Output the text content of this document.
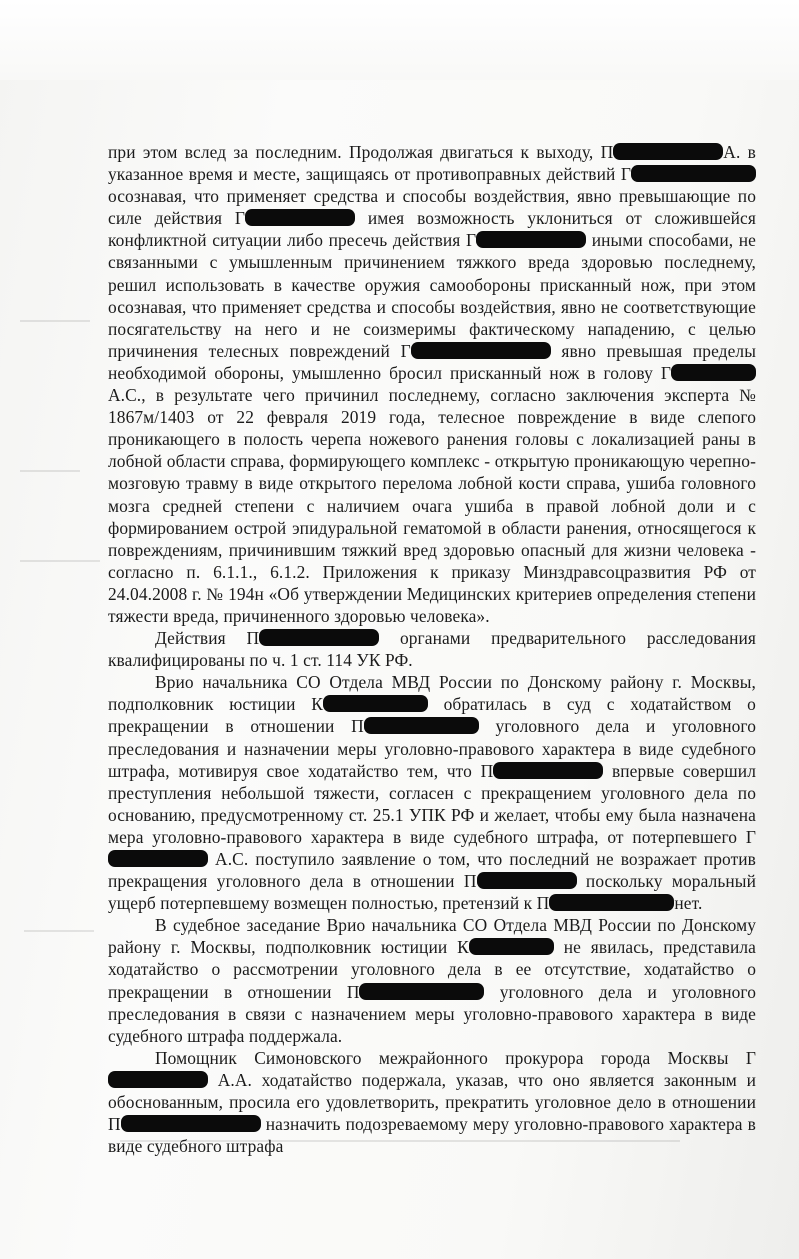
при этом вслед за последним. Продолжая двигаться к выходу, П	А. в указанное время и месте, защищаясь от противоправных действий Г осознавая, что применяет средства и способы воздействия, явно превышающие по силе действия Г	имея возможность уклониться от сложившейся конфликтной ситуации либо пресечь действия Г	иными способами, не связанными с умышленным причинением тяжкого вреда здоровью последнему, решил использовать в качестве оружия самообороны присканный нож, при этом осознавая, что применяет средства и способы воздействия, явно не соответствующие посягательству на него и не соизмеримы фактическому нападению, с целью причинения телесных повреждений Г	явно превышая пределы необходимой обороны, умышленно бросил присканный нож в голову Г А.С., в результате чего причинил последнему, согласно заключения эксперта № 1867м/1403 от 22 февраля 2019 года, телесное повреждение в виде слепого проникающего в полость черепа ножевого ранения головы с локализацией раны в лобной области справа, формирующего комплекс - открытую проникающую черепно-мозговую травму в виде открытого перелома лобной кости справа, ушиба головного мозга средней степени с наличием очага ушиба в правой лобной доли и с формированием острой эпидуральной гематомой в области ранения, относящегося к повреждениям, причинившим тяжкий вред здоровью опасный для жизни человека - согласно п. 6.1.1., 6.1.2. Приложения к приказу Минздравсоцразвития РФ от 24.04.2008 г. № 194н «Об утверждении Медицинских критериев определения степени тяжести вреда, причиненного здоровью человека».

Действия П	органами предварительного расследования квалифицированы по ч. 1 ст. 114 УК РФ.

Врио начальника СО Отдела МВД России по Донскому району г. Москвы, подполковник юстиции К	обратилась в суд с ходатайством о прекращении в отношении П	уголовного дела и уголовного преследования и назначении меры уголовно-правового характера в виде судебного штрафа, мотивируя свое ходатайство тем, что П	впервые совершил преступления небольшой тяжести, согласен с прекращением уголовного дела по основанию, предусмотренному ст. 25.1 УПК РФ и желает, чтобы ему была назначена мера уголовно-правового характера в виде судебного штрафа, от потерпевшего Г А.С. поступило заявление о том, что последний не возражает против прекращения уголовного дела в отношении П	поскольку моральный ущерб потерпевшему возмещен полностью, претензий к П	нет.

В судебное заседание Врио начальника СО Отдела МВД России по Донскому району г. Москвы, подполковник юстиции К	не явилась, представила ходатайство о рассмотрении уголовного дела в ее отсутствие, ходатайство о прекращении в отношении П	уголовного дела и уголовного преследования в связи с назначением меры уголовно-правового характера в виде судебного штрафа поддержала.

Помощник Симоновского межрайонного прокурора города Москвы Г А.А. ходатайство подержала, указав, что оно является законным и обоснованным, просила его удовлетворить, прекратить уголовное дело в отношении П	назначить подозреваемому меру уголовно-правового характера в виде судебного штрафа
